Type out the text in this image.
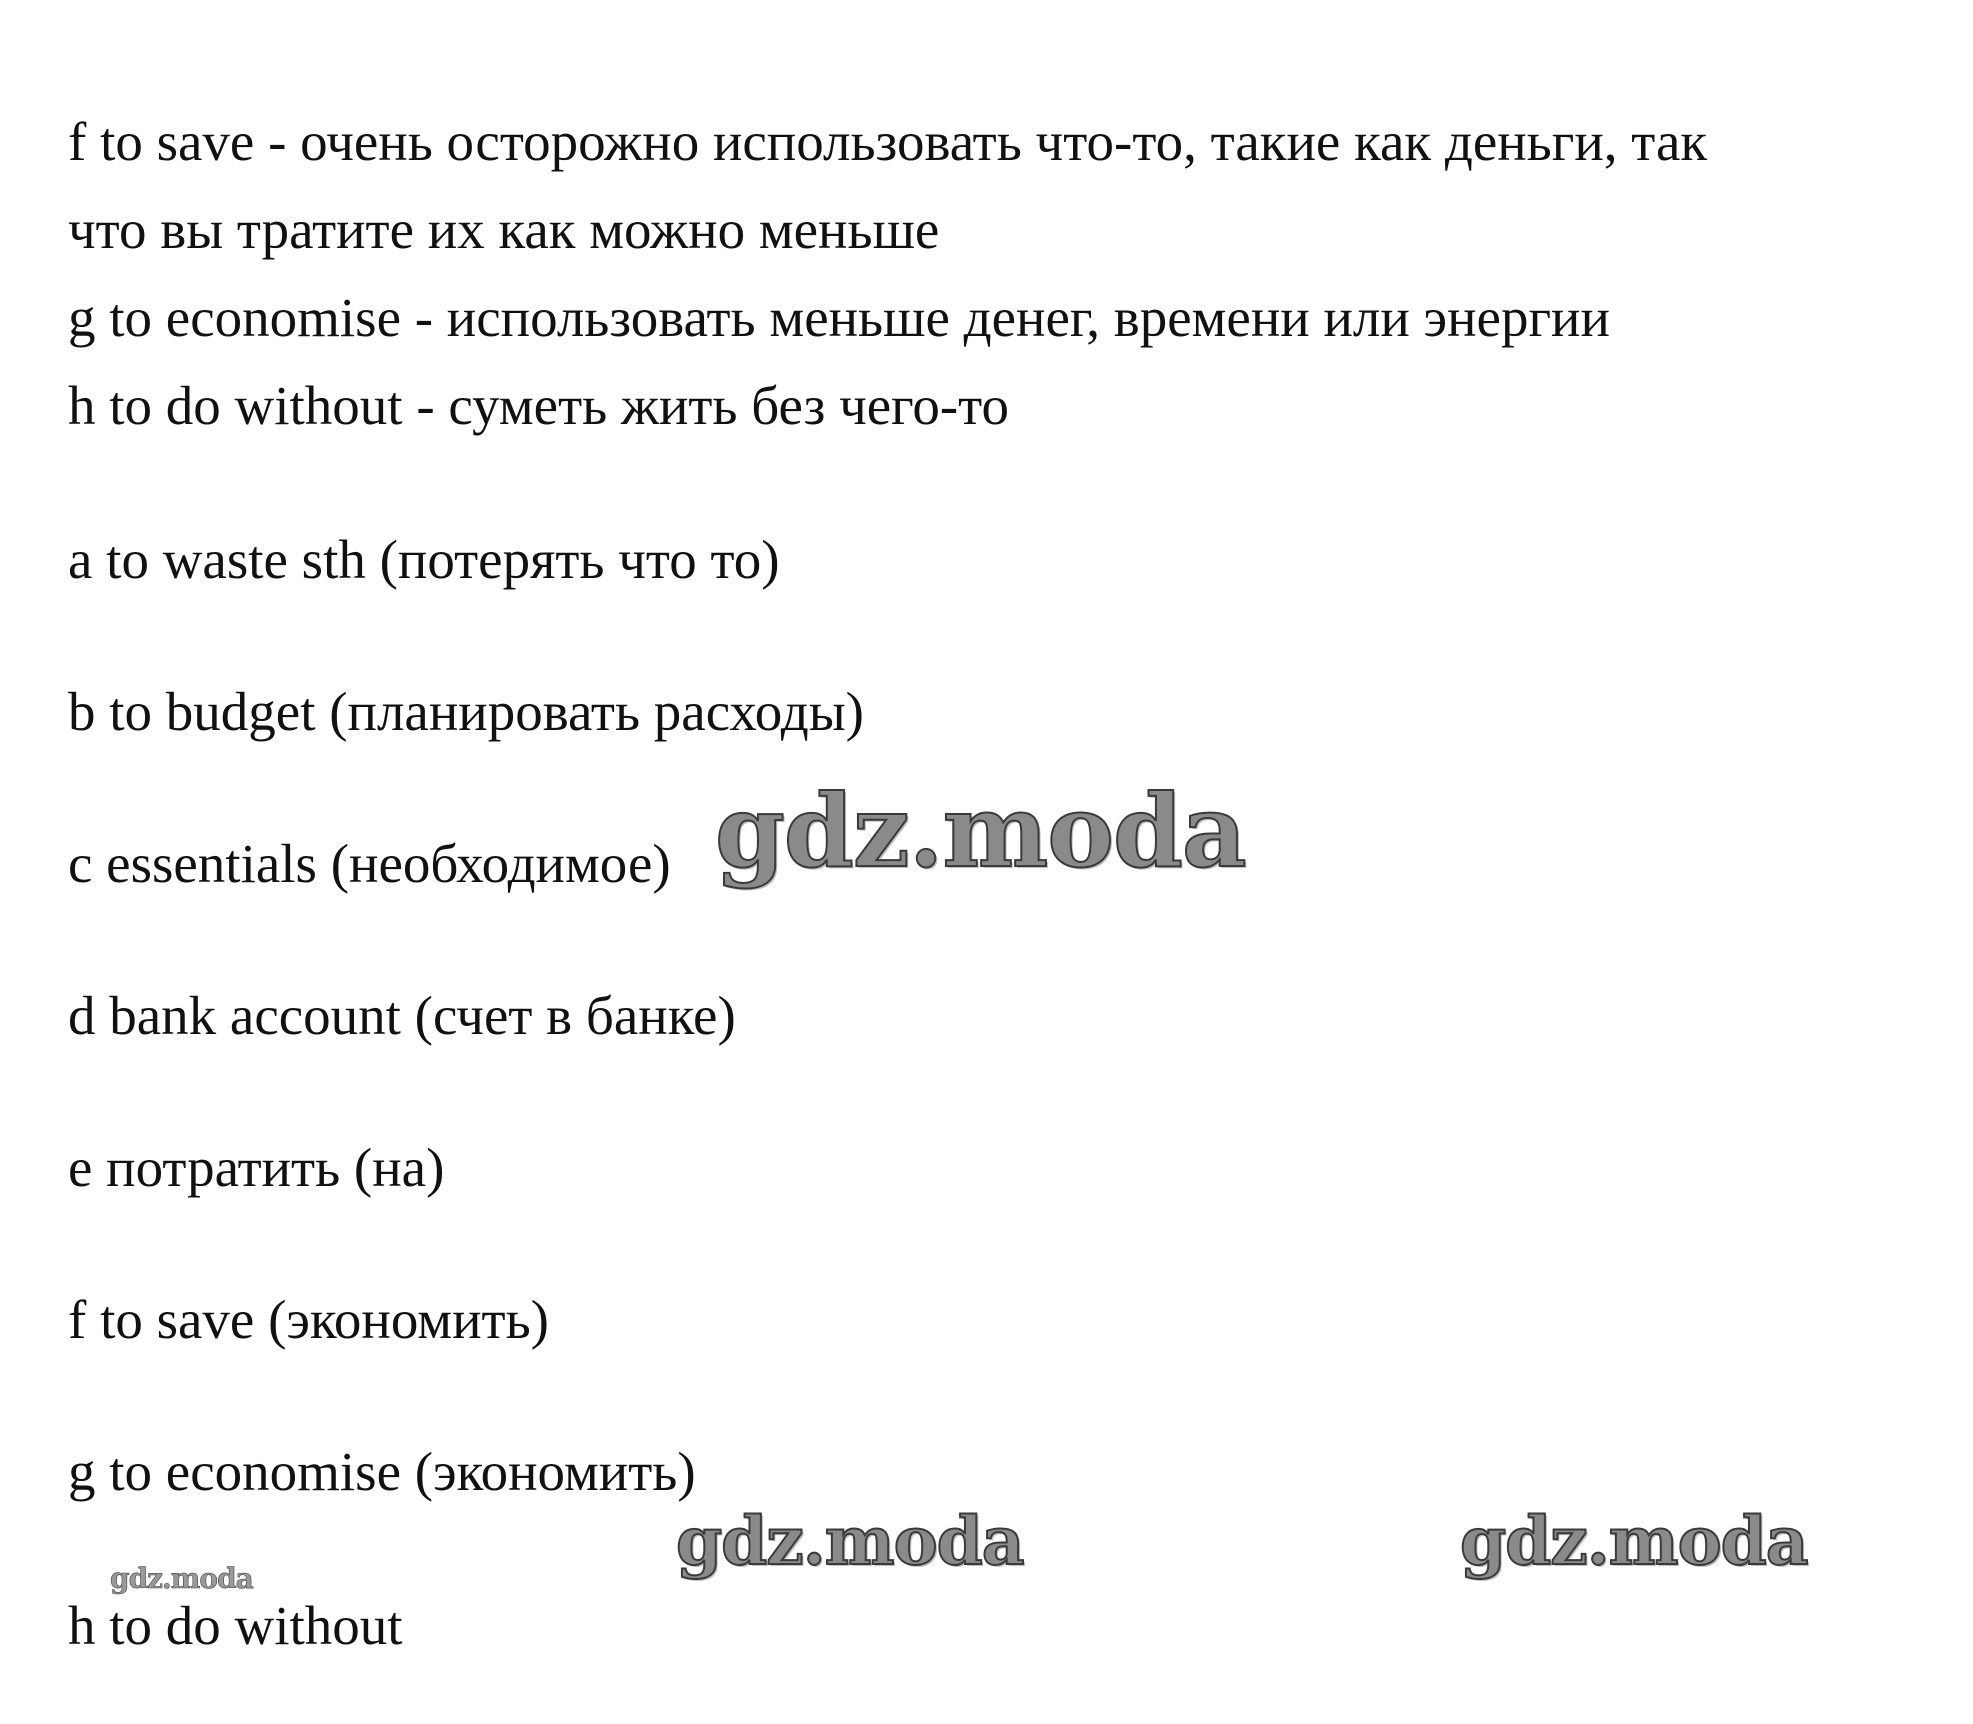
f to save - очень осторожно использовать что-то, такие как деньги, так
что вы тратите их как можно меньше
g to economise - использовать меньше денег, времени или энергии
h to do without - суметь жить без чего-то
a to waste sth (потерять что то)
b to budget (планировать расходы)
c essentials (необходимое)
d bank account (счет в банке)
e потратить (на)
f to save (экономить)
g to economise (экономить)
h to do without
gdz.moda
gdz.moda	gdz.moda
gdz.moda
